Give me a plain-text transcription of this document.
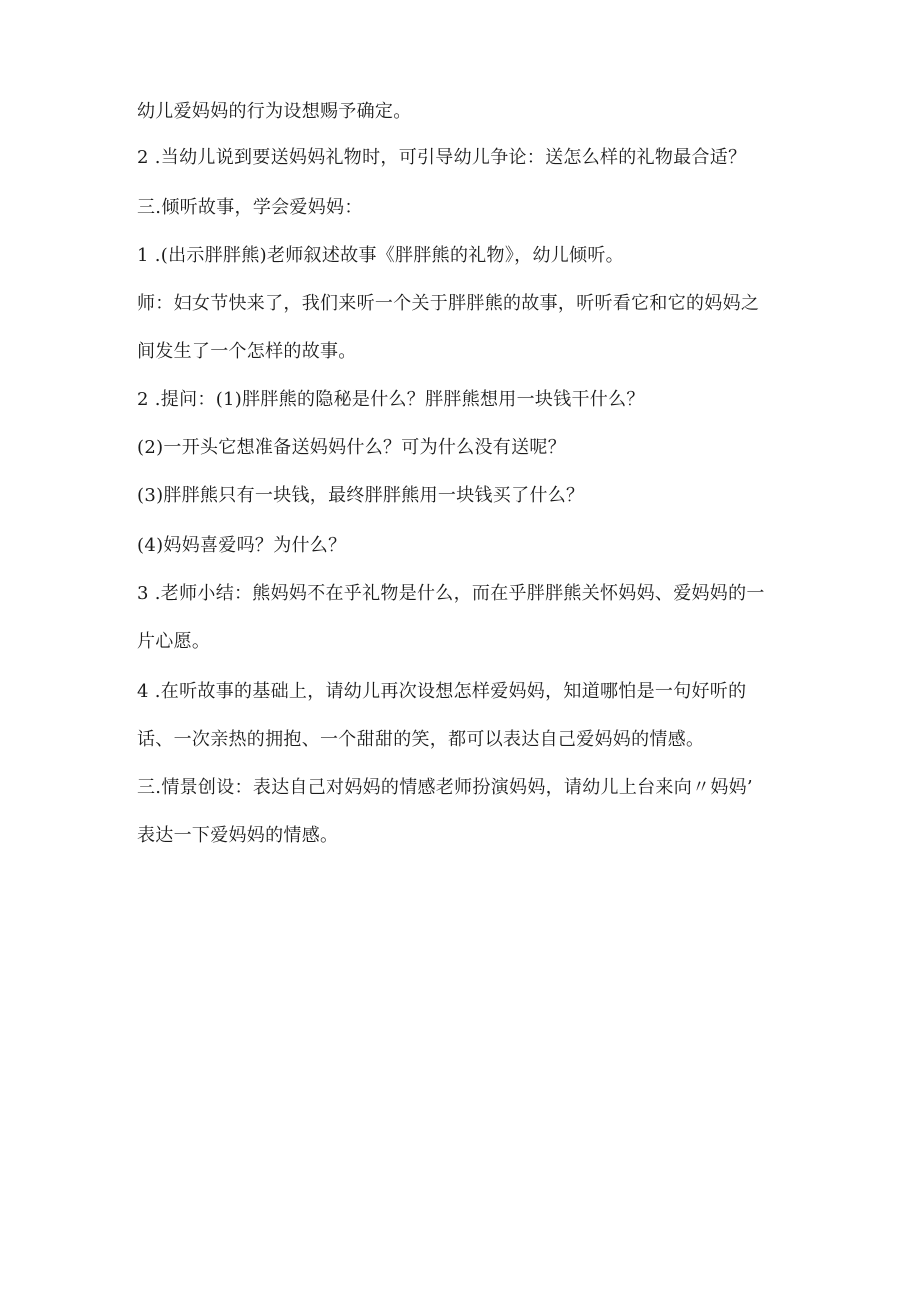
幼儿爱妈妈的行为设想赐予确定。
2 .当幼儿说到要送妈妈礼物时，可引导幼儿争论：送怎么样的礼物最合适？
三.倾听故事，学会爱妈妈：
1 .(出示胖胖熊)老师叙述故事《胖胖熊的礼物》，幼儿倾听。
师：妇女节快来了，我们来听一个关于胖胖熊的故事，听听看它和它的妈妈之
间发生了一个怎样的故事。
2 .提问：(1)胖胖熊的隐秘是什么？胖胖熊想用一块钱干什么？
(2)一开头它想准备送妈妈什么？可为什么没有送呢？
(3)胖胖熊只有一块钱，最终胖胖熊用一块钱买了什么？
(4)妈妈喜爱吗？为什么？
3 .老师小结：熊妈妈不在乎礼物是什么，而在乎胖胖熊关怀妈妈、爱妈妈的一
片心愿。
4 .在听故事的基础上，请幼儿再次设想怎样爱妈妈，知道哪怕是一句好听的
话、一次亲热的拥抱、一个甜甜的笑，都可以表达自己爱妈妈的情感。
三.情景创设：表达自己对妈妈的情感老师扮演妈妈，请幼儿上台来向〃妈妈’
表达一下爱妈妈的情感。
